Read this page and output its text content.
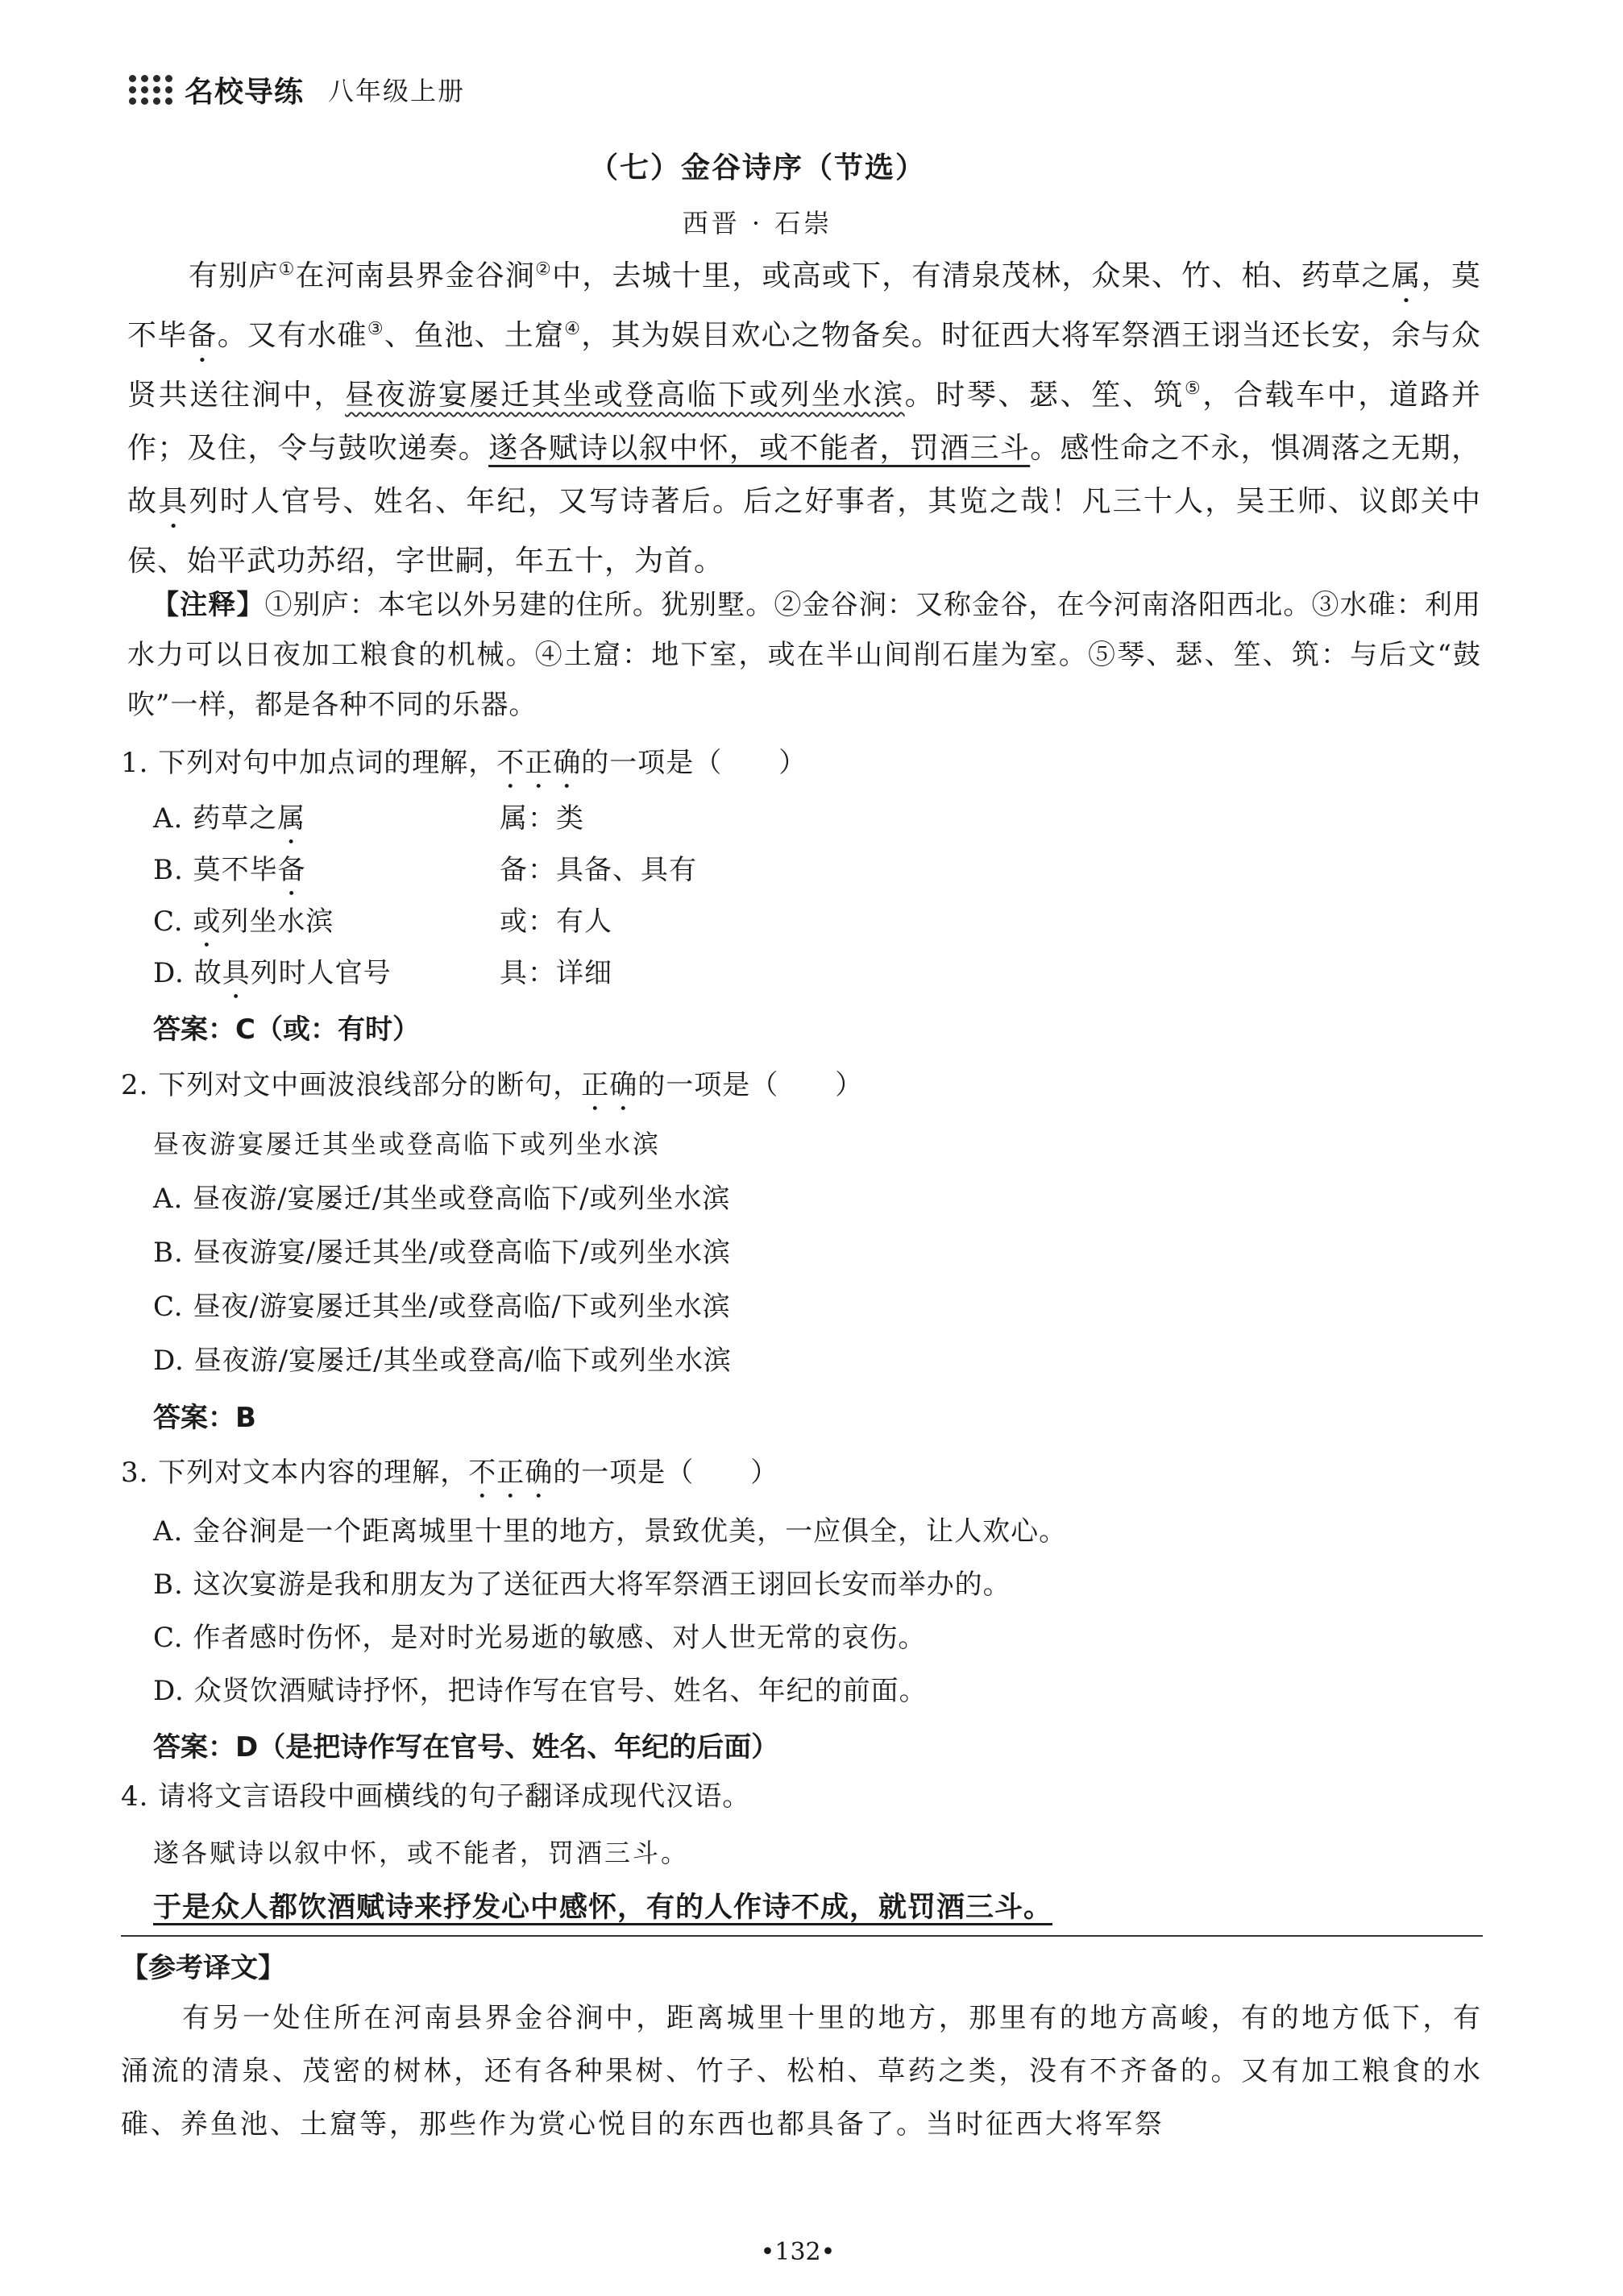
名校导练 八年级上册
（七）金谷诗序（节选）
西晋 · 石崇

有别庐①在河南县界金谷涧②中，去城十里，或高或下，有清泉茂林，众果、竹、柏、药草之属，莫不毕备。又有水碓③、鱼池、土窟④，其为娱目欢心之物备矣。时征西大将军祭酒王诩当还长安，余与众贤共送往涧中，昼夜游宴屡迁其坐或登高临下或列坐水滨。时琴、瑟、笙、筑⑤，合载车中，道路并作；及住，令与鼓吹递奏。遂各赋诗以叙中怀，或不能者，罚酒三斗。感性命之不永，惧凋落之无期，故具列时人官号、姓名、年纪，又写诗著后。后之好事者，其览之哉！凡三十人，吴王师、议郎关中侯、始平武功苏绍，字世嗣，年五十，为首。

【注释】①别庐：本宅以外另建的住所。犹别墅。②金谷涧：又称金谷，在今河南洛阳西北。③水碓：利用水力可以日夜加工粮食的机械。④土窟：地下室，或在半山间削石崖为室。⑤琴、瑟、笙、筑：与后文“鼓吹”一样，都是各种不同的乐器。

1. 下列对句中加点词的理解，不正确的一项是（　　）
A. 药草之属	属：类
B. 莫不毕备	备：具备、具有
C. 或列坐水滨	或：有人
D. 故具列时人官号	具：详细
答案：C（或：有时）
2. 下列对文中画波浪线部分的断句，正确的一项是（　　）
昼夜游宴屡迁其坐或登高临下或列坐水滨
A. 昼夜游/宴屡迁/其坐或登高临下/或列坐水滨
B. 昼夜游宴/屡迁其坐/或登高临下/或列坐水滨
C. 昼夜/游宴屡迁其坐/或登高临/下或列坐水滨
D. 昼夜游/宴屡迁/其坐或登高/临下或列坐水滨
答案：B
3. 下列对文本内容的理解，不正确的一项是（　　）
A. 金谷涧是一个距离城里十里的地方，景致优美，一应俱全，让人欢心。
B. 这次宴游是我和朋友为了送征西大将军祭酒王诩回长安而举办的。
C. 作者感时伤怀，是对时光易逝的敏感、对人世无常的哀伤。
D. 众贤饮酒赋诗抒怀，把诗作写在官号、姓名、年纪的前面。
答案：D（是把诗作写在官号、姓名、年纪的后面）
4. 请将文言语段中画横线的句子翻译成现代汉语。
遂各赋诗以叙中怀，或不能者，罚酒三斗。
于是众人都饮酒赋诗来抒发心中感怀，有的人作诗不成，就罚酒三斗。
【参考译文】

有另一处住所在河南县界金谷涧中，距离城里十里的地方，那里有的地方高峻，有的地方低下，有涌流的清泉、茂密的树林，还有各种果树、竹子、松柏、草药之类，没有不齐备的。又有加工粮食的水碓、养鱼池、土窟等，那些作为赏心悦目的东西也都具备了。当时征西大将军祭

•132•
